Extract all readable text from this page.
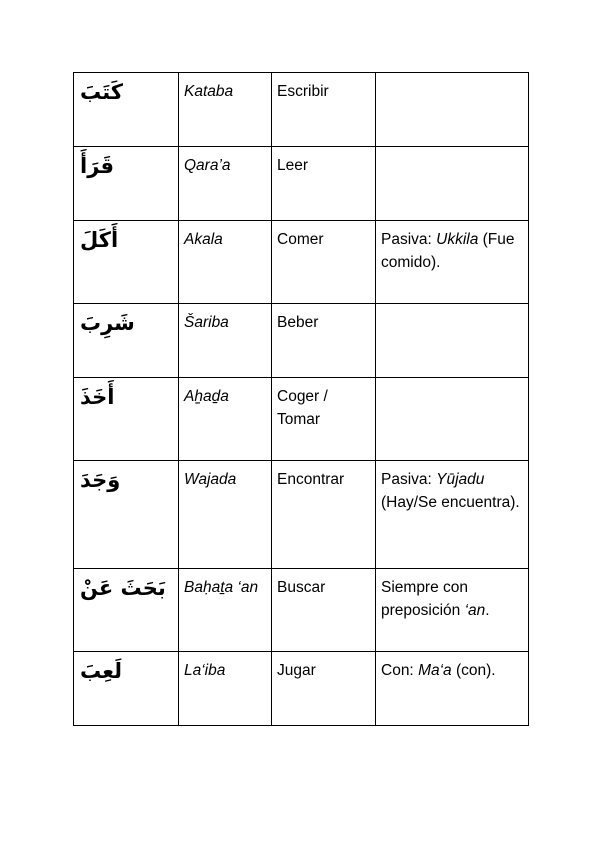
كَتَبَ	Kataba	Escribir	
قَرَأَ	Qara’a	Leer	
أَكَلَ	Akala	Comer	Pasiva: Ukkila (Fue comido).
شَرِبَ	Šariba	Beber	
أَخَذَ	Aẖaḏa	Coger / Tomar	
وَجَدَ	Wajada	Encontrar	Pasiva: Yūjadu (Hay/Se encuentra).
بَحَثَ عَنْ	Baḥaṯa ‘an	Buscar	Siempre con preposición ‘an.
لَعِبَ	La‘iba	Jugar	Con: Ma‘a (con).
